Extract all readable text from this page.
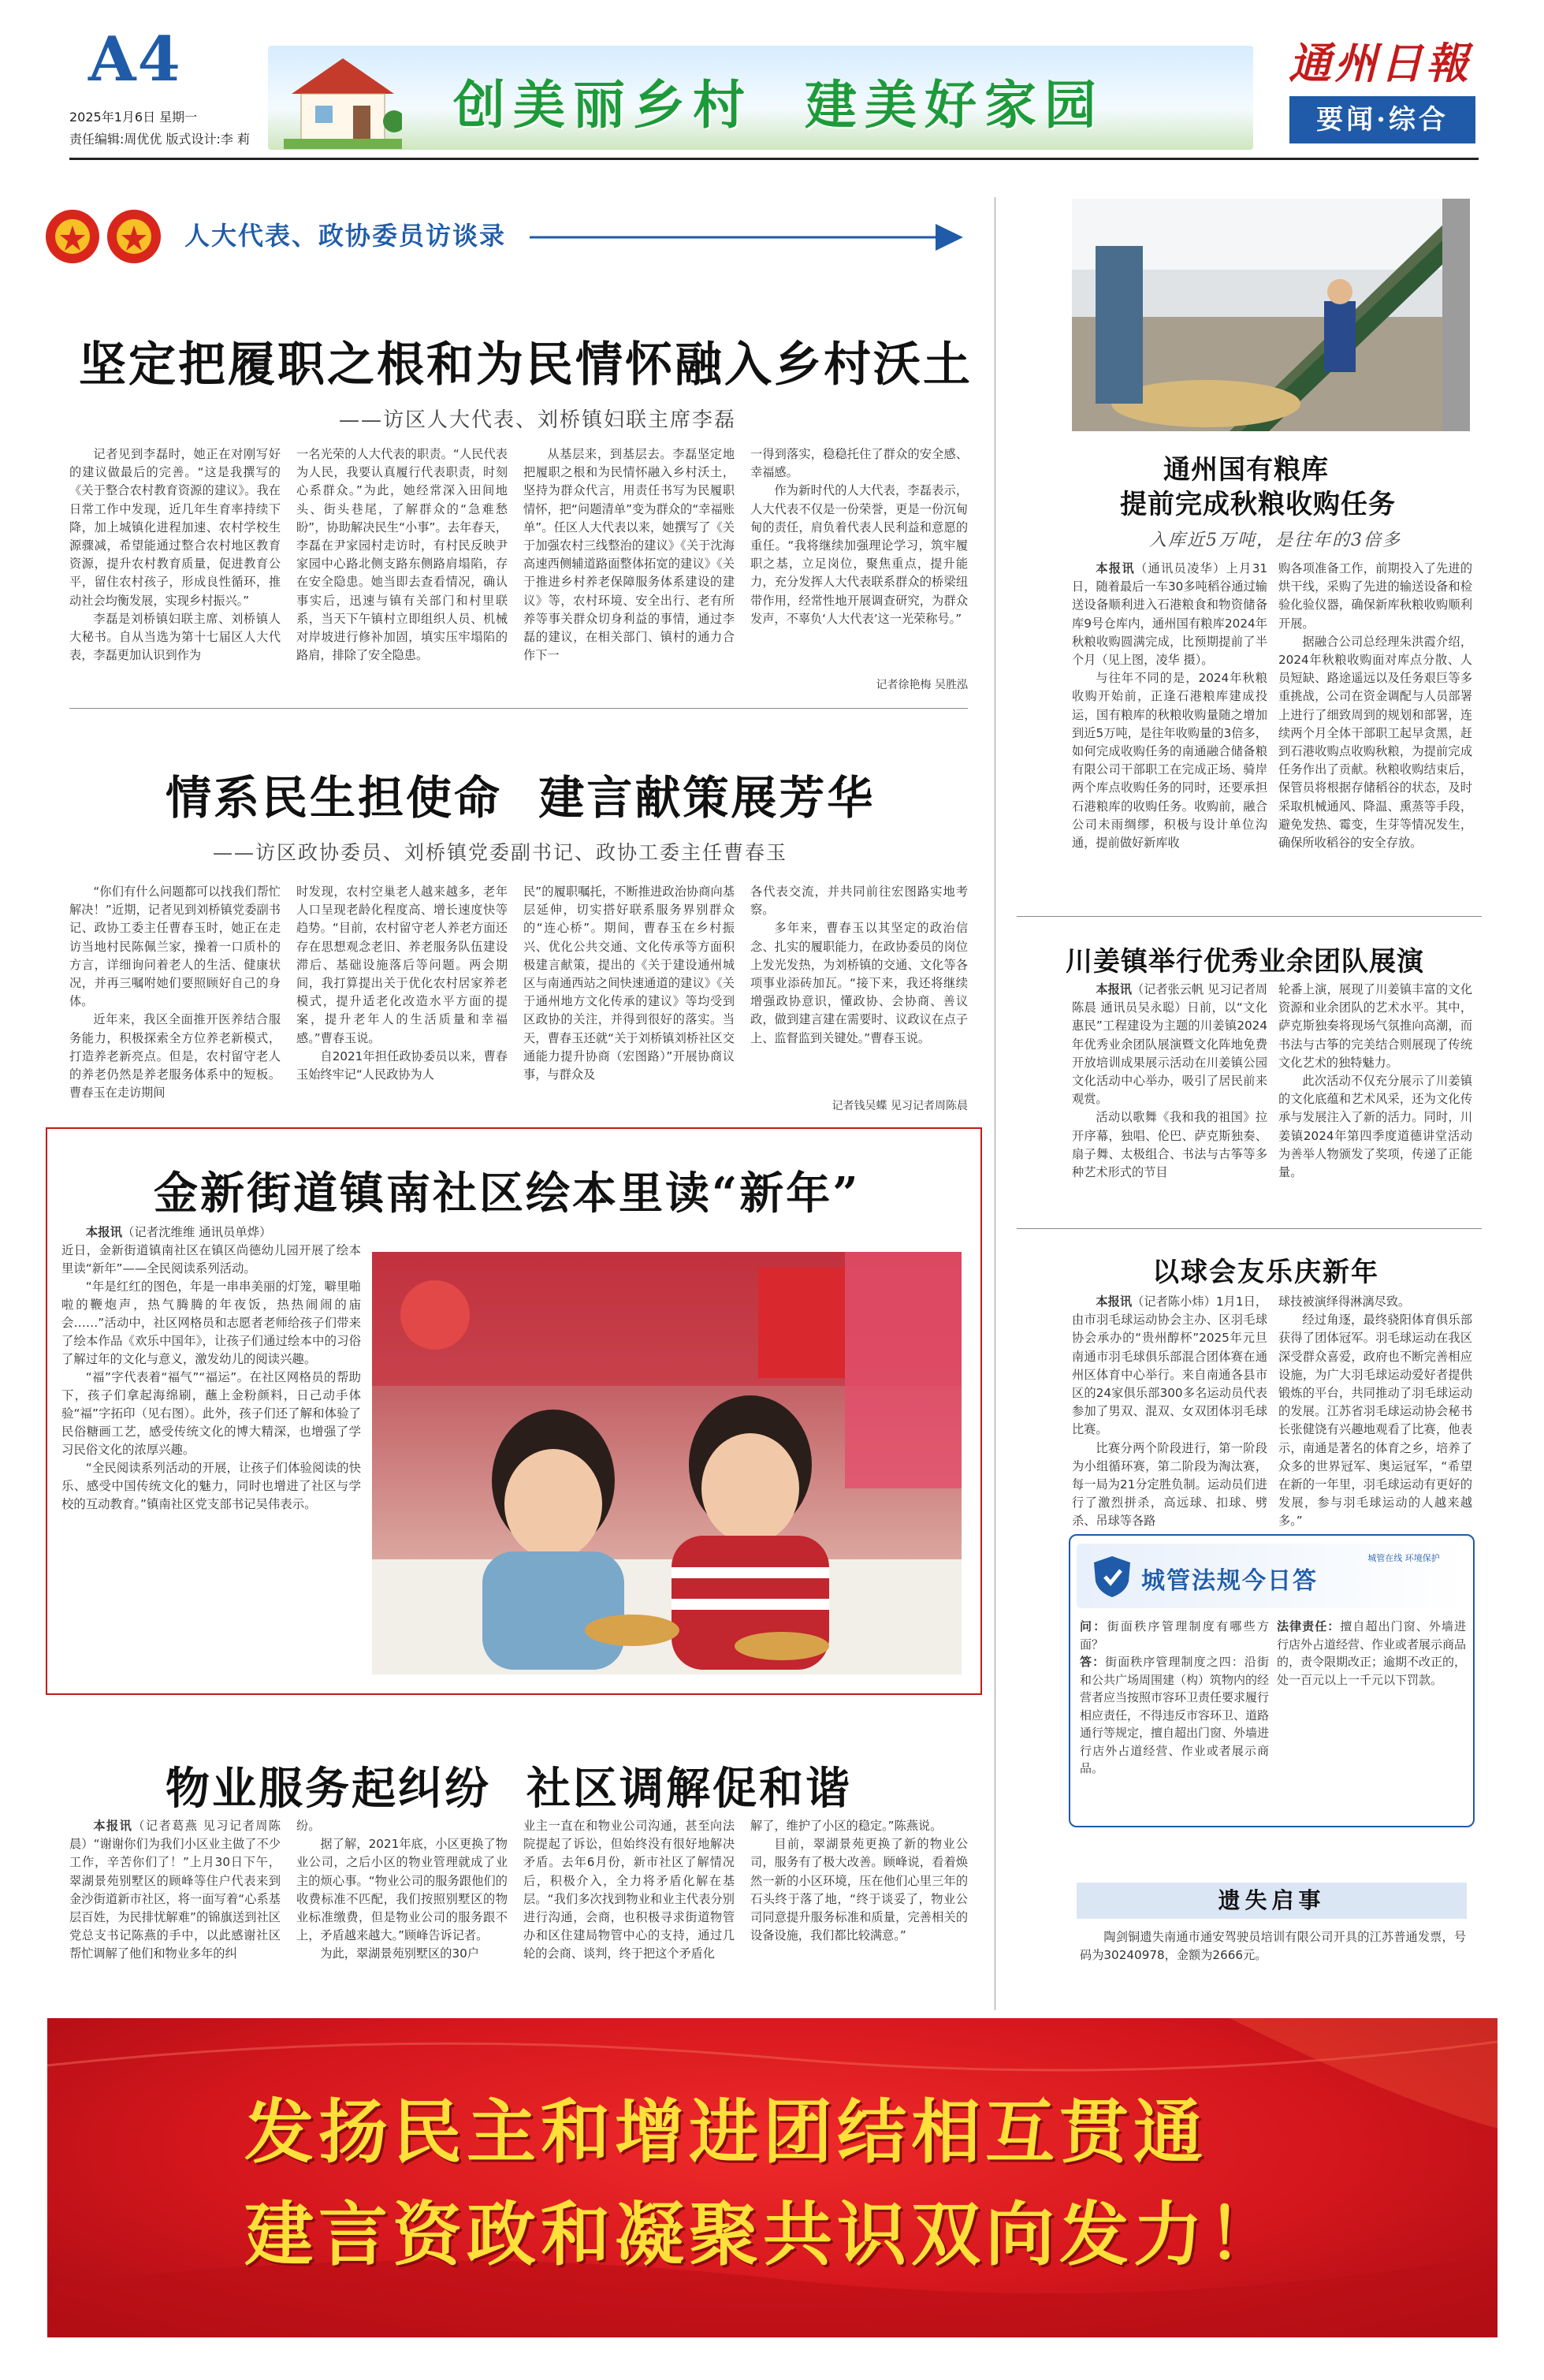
A4
2025年1月6日 星期一
责任编辑:周优优 版式设计:李 莉
创美丽乡村  建美好家园
通州日報
要闻·综合
人大代表、政协委员访谈录
坚定把履职之根和为民情怀融入乡村沃土
——访区人大代表、刘桥镇妇联主席李磊

记者见到李磊时，她正在对刚写好的建议做最后的完善。“这是我撰写的《关于整合农村教育资源的建议》。我在日常工作中发现，近几年生育率持续下降，加上城镇化进程加速、农村学校生源骤减，希望能通过整合农村地区教育资源，提升农村教育质量，促进教育公平，留住农村孩子，形成良性循环，推动社会均衡发展，实现乡村振兴。”

李磊是刘桥镇妇联主席、刘桥镇人大秘书。自从当选为第十七届区人大代表，李磊更加认识到作为

一名光荣的人大代表的职责。“人民代表为人民，我要认真履行代表职责，时刻心系群众。”为此，她经常深入田间地头、街头巷尾，了解群众的“急难愁盼”，协助解决民生“小事”。去年春天，李磊在尹家园村走访时，有村民反映尹家园中心路北侧支路东侧路肩塌陷，存在安全隐患。她当即去查看情况，确认事实后，迅速与镇有关部门和村里联系，当天下午镇村立即组织人员、机械对岸坡进行修补加固，填实压牢塌陷的路肩，排除了安全隐患。

从基层来，到基层去。李磊坚定地把履职之根和为民情怀融入乡村沃土，坚持为群众代言，用责任书写为民履职情怀，把“问题清单”变为群众的“幸福账单”。任区人大代表以来，她撰写了《关于加强农村三线整治的建议》《关于沈海高速西侧辅道路面整体拓宽的建议》《关于推进乡村养老保障服务体系建设的建议》等，农村环境、安全出行、老有所养等事关群众切身利益的事情，通过李磊的建议，在相关部门、镇村的通力合作下一

一得到落实，稳稳托住了群众的安全感、幸福感。

作为新时代的人大代表，李磊表示，人大代表不仅是一份荣誉，更是一份沉甸甸的责任，肩负着代表人民利益和意愿的重任。“我将继续加强理论学习，筑牢履职之基，立足岗位，聚焦重点，提升能力，充分发挥人大代表联系群众的桥梁纽带作用，经常性地开展调查研究，为群众发声，不辜负‘人大代表’这一光荣称号。”

记者徐艳梅 吴胜泓
情系民生担使命  建言献策展芳华
——访区政协委员、刘桥镇党委副书记、政协工委主任曹春玉

“你们有什么问题都可以找我们帮忙解决！”近期，记者见到刘桥镇党委副书记、政协工委主任曹春玉时，她正在走访当地村民陈佩兰家，操着一口质朴的方言，详细询问着老人的生活、健康状况，并再三嘱咐她们要照顾好自己的身体。

近年来，我区全面推开医养结合服务能力，积极探索全方位养老新模式，打造养老新亮点。但是，农村留守老人的养老仍然是养老服务体系中的短板。曹春玉在走访期间

时发现，农村空巢老人越来越多，老年人口呈现老龄化程度高、增长速度快等趋势。“目前，农村留守老人养老方面还存在思想观念老旧、养老服务队伍建设滞后、基础设施落后等问题。两会期间，我打算提出关于优化农村居家养老模式，提升适老化改造水平方面的提案，提升老年人的生活质量和幸福感。”曹春玉说。

自2021年担任政协委员以来，曹春玉始终牢记“人民政协为人

民”的履职嘱托，不断推进政治协商向基层延伸，切实搭好联系服务界别群众的“连心桥”。期间，曹春玉在乡村振兴、优化公共交通、文化传承等方面积极建言献策，提出的《关于建设通州城区与南通西站之间快速通道的建议》《关于通州地方文化传承的建议》等均受到区政协的关注，并得到很好的落实。当天，曹春玉还就“关于刘桥镇刘桥社区交通能力提升协商（宏图路）”开展协商议事，与群众及

各代表交流，并共同前往宏图路实地考察。

多年来，曹春玉以其坚定的政治信念、扎实的履职能力，在政协委员的岗位上发光发热，为刘桥镇的交通、文化等各项事业添砖加瓦。“接下来，我还将继续增强政协意识，懂政协、会协商、善议政，做到建言建在需要时、议政议在点子上、监督监到关键处。”曹春玉说。

记者钱吴蝶 见习记者周陈晨
金新街道镇南社区绘本里读“新年”

本报讯（记者沈维维 通讯员单烨）

近日，金新街道镇南社区在镇区尚德幼儿园开展了绘本里读“新年”——全民阅读系列活动。

“年是红红的图色，年是一串串美丽的灯笼，噼里啪啦的鞭炮声，热气腾腾的年夜饭，热热闹闹的庙会……”活动中，社区网格员和志愿者老师给孩子们带来了绘本作品《欢乐中国年》，让孩子们通过绘本中的习俗了解过年的文化与意义，激发幼儿的阅读兴趣。

“福”字代表着“福气”“福运”。在社区网格员的帮助下，孩子们拿起海绵刷，蘸上金粉颜料，日己动手体验“福”字拓印（见右图）。此外，孩子们还了解和体验了民俗糖画工艺，感受传统文化的博大精深，也增强了学习民俗文化的浓厚兴趣。

“全民阅读系列活动的开展，让孩子们体验阅读的快乐、感受中国传统文化的魅力，同时也增进了社区与学校的互动教育。”镇南社区党支部书记吴伟表示。

物业服务起纠纷  社区调解促和谐

本报讯（记者葛燕 见习记者周陈晨）“谢谢你们为我们小区业主做了不少工作，辛苦你们了！”上月30日下午，翠湖景苑别墅区的顾峰等住户代表来到金沙街道新市社区，将一面写着“心系基层百姓，为民排忧解难”的锦旗送到社区党总支书记陈燕的手中，以此感谢社区帮忙调解了他们和物业多年的纠

纷。

据了解，2021年底，小区更换了物业公司，之后小区的物业管理就成了业主的烦心事。“物业公司的服务跟他们的收费标准不匹配，我们按照别墅区的物业标准缴费，但是物业公司的服务跟不上，矛盾越来越大。”顾峰告诉记者。

为此，翠湖景苑别墅区的30户

业主一直在和物业公司沟通，甚至向法院提起了诉讼，但始终没有很好地解决矛盾。去年6月份，新市社区了解情况后，积极介入，全力将矛盾化解在基层。“我们多次找到物业和业主代表分别进行沟通，会商，也积极寻求街道物管办和区住建局物管中心的支持，通过几轮的会商、谈判，终于把这个矛盾化

解了，维护了小区的稳定。”陈燕说。

目前，翠湖景苑更换了新的物业公司，服务有了极大改善。顾峰说，看着焕然一新的小区环境，压在他们心里三年的石头终于落了地，“终于谈妥了，物业公司同意提升服务标准和质量，完善相关的设备设施，我们都比较满意。”

通州国有粮库
提前完成秋粮收购任务
入库近5万吨，是往年的3倍多

本报讯（通讯员凌华）上月31日，随着最后一车30多吨稻谷通过输送设备顺利进入石港粮食和物资储备库9号仓库内，通州国有粮库2024年秋粮收购圆满完成，比预期提前了半个月（见上图，凌华 摄）。

与往年不同的是，2024年秋粮收购开始前，正逢石港粮库建成投运，国有粮库的秋粮收购量随之增加到近5万吨，是往年收购量的3倍多，如何完成收购任务的南通融合储备粮有限公司干部职工在完成正场、骑岸两个库点收购任务的同时，还要承担石港粮库的收购任务。收购前，融合公司未雨绸缪，积极与设计单位沟通，提前做好新库收

购各项准备工作，前期投入了先进的烘干线，采购了先进的输送设备和检验化验仪器，确保新库秋粮收购顺利开展。

据融合公司总经理朱洪霞介绍，2024年秋粮收购面对库点分散、人员短缺、路途遥远以及任务艰巨等多重挑战，公司在资金调配与人员部署上进行了细致周到的规划和部署，连续两个月全体干部职工起早贪黑，赶到石港收购点收购秋粮，为提前完成任务作出了贡献。秋粮收购结束后，保管员将根据存储稻谷的状态，及时采取机械通风、降温、熏蒸等手段，避免发热、霉变，生芽等情况发生，确保所收稻谷的安全存放。

川姜镇举行优秀业余团队展演

本报讯（记者张云帆 见习记者周陈晨 通讯员吴永聪）日前，以“文化惠民”工程建设为主题的川姜镇2024年优秀业余团队展演暨文化阵地免费开放培训成果展示活动在川姜镇公园文化活动中心举办，吸引了居民前来观赏。

活动以歌舞《我和我的祖国》拉开序幕，独唱、伦巴、萨克斯独奏、扇子舞、太极组合、书法与古筝等多种艺术形式的节目

轮番上演，展现了川姜镇丰富的文化资源和业余团队的艺术水平。其中，萨克斯独奏将现场气氛推向高潮，而书法与古筝的完美结合则展现了传统文化艺术的独特魅力。

此次活动不仅充分展示了川姜镇的文化底蕴和艺术风采，还为文化传承与发展注入了新的活力。同时，川姜镇2024年第四季度道德讲堂活动为善举人物颁发了奖项，传递了正能量。

以球会友乐庆新年

本报讯（记者陈小炜）1月1日，由市羽毛球运动协会主办、区羽毛球协会承办的“贵州醇杯”2025年元旦南通市羽毛球俱乐部混合团体赛在通州区体育中心举行。来自南通各县市区的24家俱乐部300多名运动员代表参加了男双、混双、女双团体羽毛球比赛。

比赛分两个阶段进行，第一阶段为小组循环赛，第二阶段为淘汰赛，每一局为21分定胜负制。运动员们进行了激烈拼杀，高远球、扣球、劈杀、吊球等各路

球技被演绎得淋漓尽致。

经过角逐，最终骁阳体育俱乐部获得了团体冠军。羽毛球运动在我区深受群众喜爱，政府也不断完善相应设施，为广大羽毛球运动爱好者提供锻炼的平台，共同推动了羽毛球运动的发展。江苏省羽毛球运动协会秘书长张健饶有兴趣地观看了比赛，他表示，南通是著名的体育之乡，培养了众多的世界冠军、奥运冠军，“希望在新的一年里，羽毛球运动有更好的发展，参与羽毛球运动的人越来越多。”

城管法规今日答
城管在线 环境保护

问：街面秩序管理制度有哪些方面？

答：街面秩序管理制度之四：沿街和公共广场周围建（构）筑物内的经营者应当按照市容环卫责任要求履行相应责任，不得违反市容环卫、道路通行等规定，擅自超出门窗、外墙进行店外占道经营、作业或者展示商品。

法律责任：擅自超出门窗、外墙进行店外占道经营、作业或者展示商品的，责令限期改正；逾期不改正的，处一百元以上一千元以下罚款。

遗失启事

陶剑铜遗失南通市通安驾驶员培训有限公司开具的江苏普通发票，号码为30240978，金额为2666元。

发扬民主和增进团结相互贯通
建言资政和凝聚共识双向发力！
